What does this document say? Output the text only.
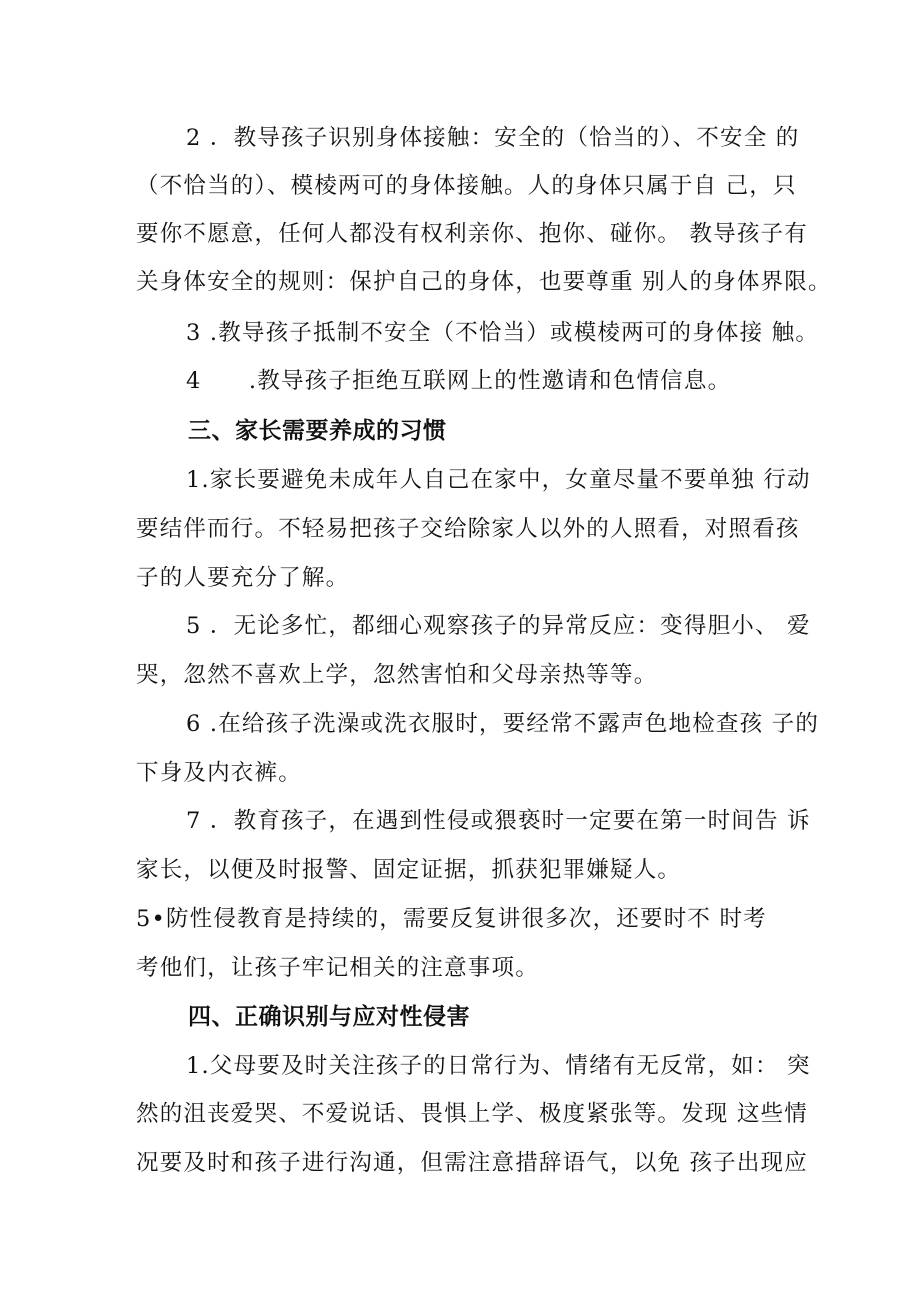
2 ．教导孩子识别身体接触：安全的（恰当的）、不安全 的
（不恰当的）、模棱两可的身体接触。人的身体只属于自 己，只
要你不愿意，任何人都没有权利亲你、抱你、碰你。 教导孩子有
关身体安全的规则：保护自己的身体，也要尊重 别人的身体界限。
3 .教导孩子抵制不安全（不恰当）或模棱两可的身体接 触。
4　　.教导孩子拒绝互联网上的性邀请和色情信息。
三、家长需要养成的习惯
1.家长要避免未成年人自己在家中，女童尽量不要单独 行动
要结伴而行。不轻易把孩子交给除家人以外的人照看，对照看孩
子的人要充分了解。
5 ．无论多忙，都细心观察孩子的异常反应：变得胆小、 爱
哭，忽然不喜欢上学，忽然害怕和父母亲热等等。
6 .在给孩子洗澡或洗衣服时，要经常不露声色地检查孩 子的
下身及内衣裤。
7 ．教育孩子，在遇到性侵或猥亵时一定要在第一时间告 诉
家长，以便及时报警、固定证据，抓获犯罪嫌疑人。
5•防性侵教育是持续的，需要反复讲很多次，还要时不 时考
考他们，让孩子牢记相关的注意事项。
四、正确识别与应对性侵害
1.父母要及时关注孩子的日常行为、情绪有无反常，如： 突
然的沮丧爱哭、不爱说话、畏惧上学、极度紧张等。发现 这些情
况要及时和孩子进行沟通，但需注意措辞语气，以免 孩子出现应
